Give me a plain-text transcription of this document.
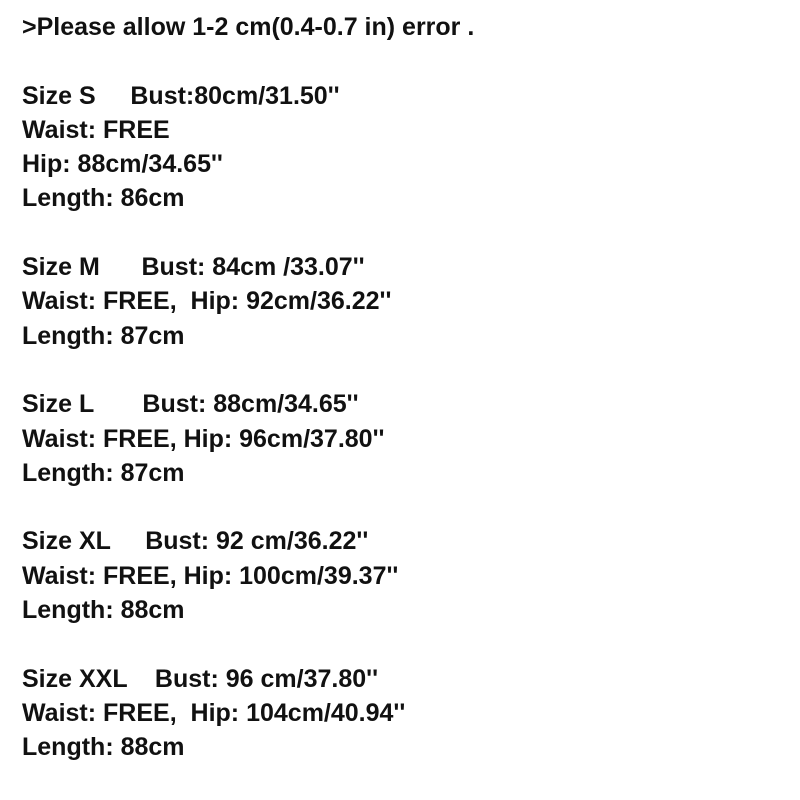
>Please allow 1-2 cm(0.4-0.7 in) error .
Size S     Bust:80cm/31.50''
Waist: FREE
Hip: 88cm/34.65''
Length: 86cm
Size M      Bust: 84cm /33.07''
Waist: FREE,  Hip: 92cm/36.22''
Length: 87cm
Size L       Bust: 88cm/34.65''
Waist: FREE, Hip: 96cm/37.80''
Length: 87cm
Size XL     Bust: 92 cm/36.22''
Waist: FREE, Hip: 100cm/39.37''
Length: 88cm
Size XXL    Bust: 96 cm/37.80''
Waist: FREE,  Hip: 104cm/40.94''
Length: 88cm
